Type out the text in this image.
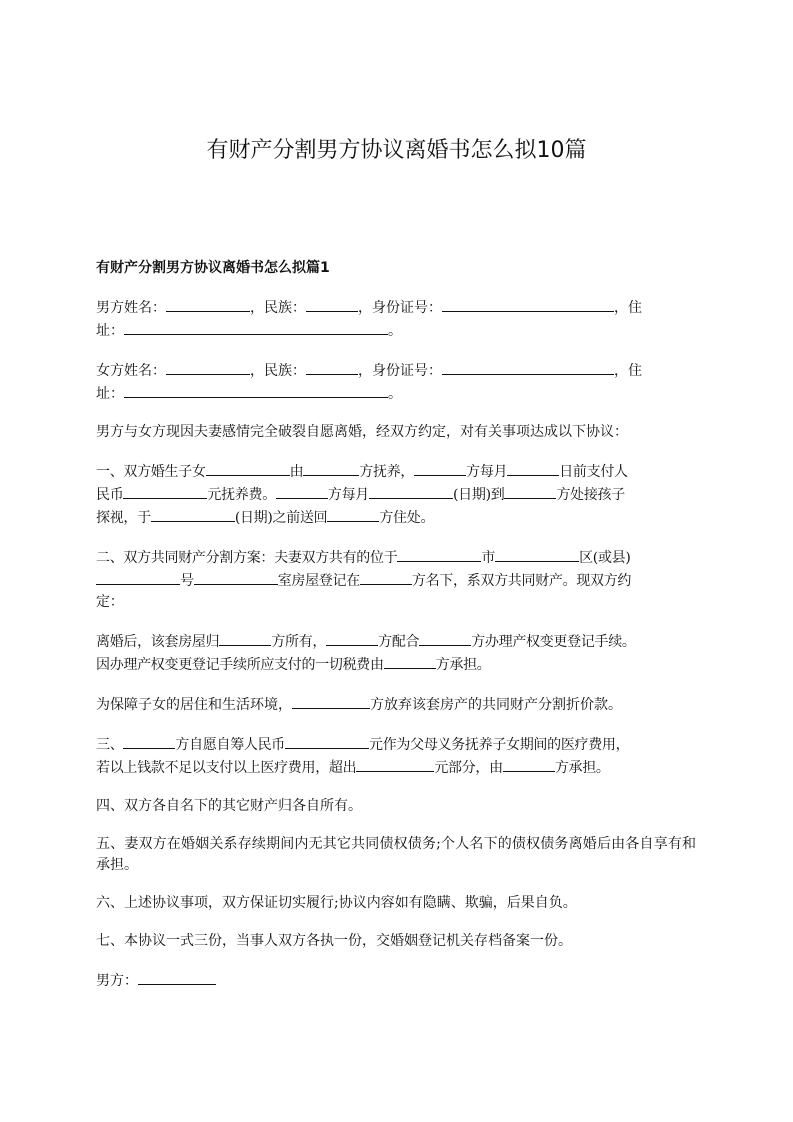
有财产分割男方协议离婚书怎么拟10篇
有财产分割男方协议离婚书怎么拟篇1

男方姓名：	，民族：	，身份证号：	，住
址：	。

女方姓名：	，民族：	，身份证号：	，住
址：	。

男方与女方现因夫妻感情完全破裂自愿离婚，经双方约定，对有关事项达成以下协议：

一、双方婚生子女	由	方抚养，	方每月	日前支付人
民币	元抚养费。	方每月	(日期)到	方处接孩子
探视，于	(日期)之前送回	方住处。

二、双方共同财产分割方案：夫妻双方共有的位于	市	区(或县)
号	室房屋登记在	方名下，系双方共同财产。现双方约
定：

离婚后，该套房屋归	方所有，	方配合	方办理产权变更登记手续。
因办理产权变更登记手续所应支付的一切税费由	方承担。

为保障子女的居住和生活环境，	方放弃该套房产的共同财产分割折价款。

三、	方自愿自筹人民币	元作为父母义务抚养子女期间的医疗费用，
若以上钱款不足以支付以上医疗费用，超出	元部分，由	方承担。

四、双方各自名下的其它财产归各自所有。

五、妻双方在婚姻关系存续期间内无其它共同债权债务;个人名下的债权债务离婚后由各自享有和承担。

六、上述协议事项，双方保证切实履行;协议内容如有隐瞒、欺骗，后果自负。

七、本协议一式三份，当事人双方各执一份，交婚姻登记机关存档备案一份。

男方：
